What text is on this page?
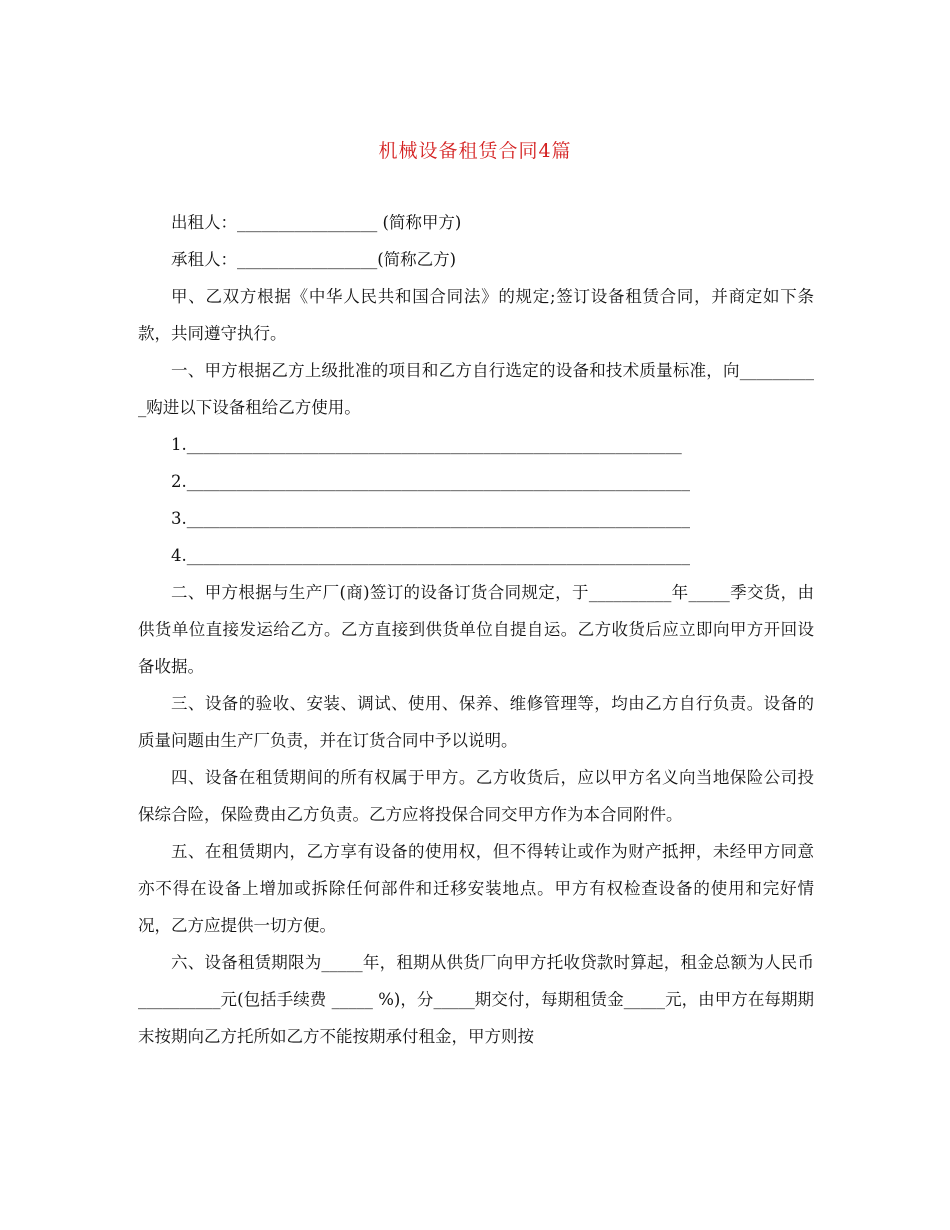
机械设备租赁合同4篇

出租人：_________________ (简称甲方)

承租人：_________________(简称乙方)

甲、乙双方根据《中华人民共和国合同法》的规定;签订设备租赁合同，并商定如下条款，共同遵守执行。

一、甲方根据乙方上级批准的项目和乙方自行选定的设备和技术质量标准，向__________购进以下设备租给乙方使用。

1.____________________________________________________________

2._____________________________________________________________

3._____________________________________________________________

4._____________________________________________________________

二、甲方根据与生产厂(商)签订的设备订货合同规定，于__________年_____季交货，由供货单位直接发运给乙方。乙方直接到供货单位自提自运。乙方收货后应立即向甲方开回设备收据。

三、设备的验收、安装、调试、使用、保养、维修管理等，均由乙方自行负责。设备的质量问题由生产厂负责，并在订货合同中予以说明。

四、设备在租赁期间的所有权属于甲方。乙方收货后，应以甲方名义向当地保险公司投保综合险，保险费由乙方负责。乙方应将投保合同交甲方作为本合同附件。

五、在租赁期内，乙方享有设备的使用权，但不得转让或作为财产抵押，未经甲方同意亦不得在设备上增加或拆除任何部件和迁移安装地点。甲方有权检查设备的使用和完好情况，乙方应提供一切方便。

六、设备租赁期限为_____年，租期从供货厂向甲方托收贷款时算起，租金总额为人民币 __________元(包括手续费 _____ %)，分_____期交付，每期租赁金_____元，由甲方在每期期末按期向乙方托所如乙方不能按期承付租金，甲方则按
